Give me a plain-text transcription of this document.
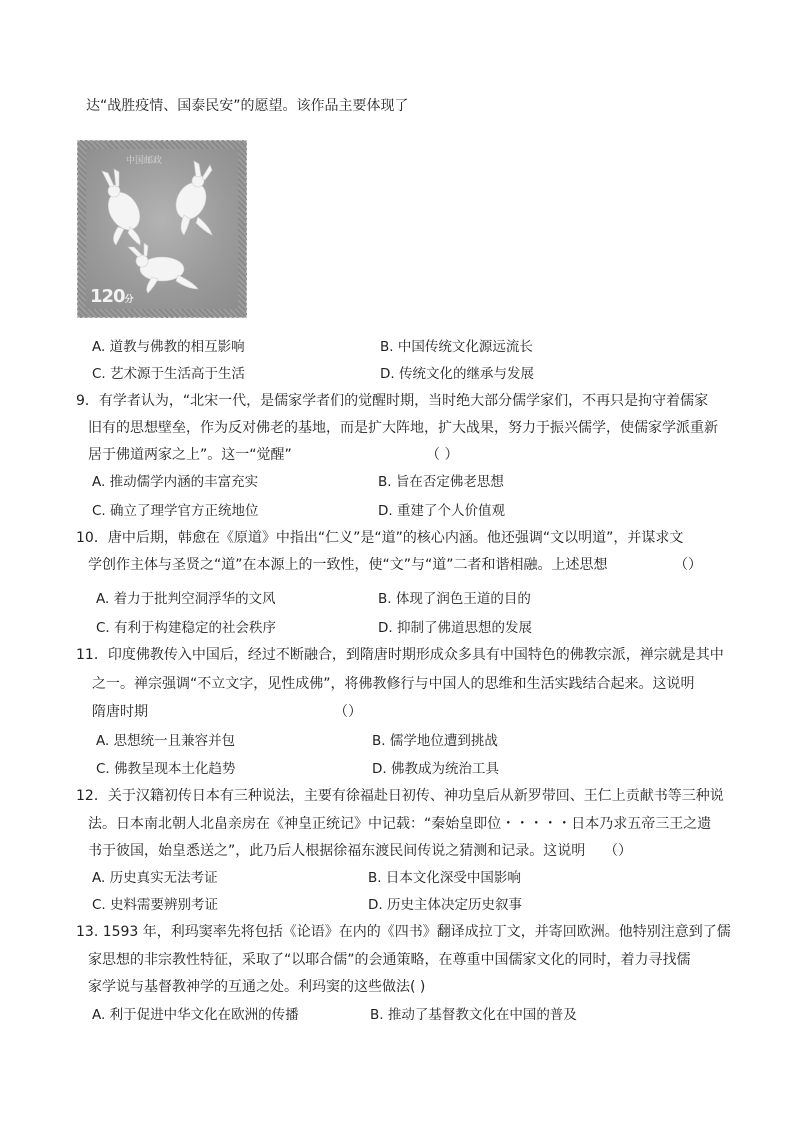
达“战胜疫情、国泰民安”的愿望。该作品主要体现了
中国邮政
120分
A. 道教与佛教的相互影响	B. 中国传统文化源远流长
C. 艺术源于生活高于生活	D. 传统文化的继承与发展
9．有学者认为，“北宋一代，是儒家学者们的觉醒时期，当时绝大部分儒学家们，不再只是拘守着儒家
旧有的思想壁垒，作为反对佛老的基地，而是扩大阵地，扩大战果，努力于振兴儒学，使儒家学派重新
居于佛道两家之上”。这一“觉醒”	（ ）
A. 推动儒学内涵的丰富充实	B. 旨在否定佛老思想
C. 确立了理学官方正统地位	D. 重建了个人价值观
10．唐中后期，韩愈在《原道》中指出“仁义”是“道”的核心内涵。他还强调“文以明道”，并谋求文
学创作主体与圣贤之“道”在本源上的一致性，使“文”与“道”二者和谐相融。上述思想	（）
A. 着力于批判空洞浮华的文风	B. 体现了润色王道的目的
C. 有利于构建稳定的社会秩序	D. 抑制了佛道思想的发展
11．印度佛教传入中国后，经过不断融合，到隋唐时期形成众多具有中国特色的佛教宗派，禅宗就是其中
之一。禅宗强调“不立文字，见性成佛”，将佛教修行与中国人的思维和生活实践结合起来。这说明
隋唐时期	（）
A. 思想统一且兼容并包	B. 儒学地位遭到挑战
C. 佛教呈现本土化趋势	D. 佛教成为统治工具
12．关于汉籍初传日本有三种说法，主要有徐福赴日初传、神功皇后从新罗带回、王仁上贡献书等三种说
法。日本南北朝人北畠亲房在《神皇正统记》中记载：“秦始皇即位・・・・・日本乃求五帝三王之遗
书于彼国，始皇悉送之”，此乃后人根据徐福东渡民间传说之猜测和记录。这说明 （）
A. 历史真实无法考证	B. 日本文化深受中国影响
C. 史料需要辨别考证	D. 历史主体决定历史叙事
13. 1593 年，利玛窦率先将包括《论语》在内的《四书》翻译成拉丁文，并寄回欧洲。他特别注意到了儒
家思想的非宗教性特征，采取了“以耶合儒”的会通策略，在尊重中国儒家文化的同时，着力寻找儒
家学说与基督教神学的互通之处。利玛窦的这些做法( )
A. 利于促进中华文化在欧洲的传播	B. 推动了基督教文化在中国的普及
